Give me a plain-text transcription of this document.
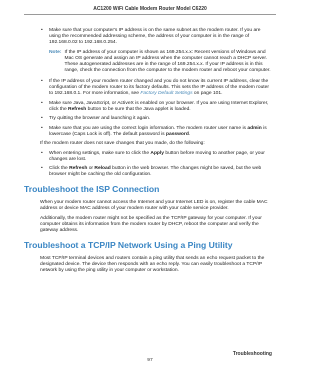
AC1200 WiFi Cable Modem Router Model C6220
• Make sure that your computer's IP address is on the same subnet as the modem router. If you are using the recommended addressing scheme, the address of your computer is in the range of 192.168.0.02 to 192.168.0.254.
Note: If the IP address of your computer is shown as 169.254.x.x: Recent versions of Windows and Mac OS generate and assign an IP address when the computer cannot reach a DHCP server. These autogenerated addresses are in the range of 169.254.x.x. If your IP address is in this range, check the connection from the computer to the modem router and reboot your computer.
• If the IP address of your modem router changed and you do not know its current IP address, clear the configuration of the modem router to its factory defaults. This sets the IP address of the modem router to 192.168.0.1. For more information, see Factory Default Settings on page 101.
• Make sure Java, JavaScript, or ActiveX is enabled on your browser. If you are using Internet Explorer, click the Refresh button to be sure that the Java applet is loaded.
• Try quitting the browser and launching it again.
• Make sure that you are using the correct login information. The modem router user name is admin is lowercase (Caps Lock is off). The default password is password.

If the modem router does not save changes that you made, do the following:

• When entering settings, make sure to click the Apply button before moving to another page, or your changes are lost.
• Click the Refresh or Reload button in the web browser. The changes might be saved, but the web browser might be caching the old configuration.
Troubleshoot the ISP Connection

When your modem router cannot access the Internet and your Internet LED is on, register the cable MAC address or device MAC address of your modem router with your cable service provider.

Additionally, the modem router might not be specified as the TCP/IP gateway for your computer. If your computer obtains its information from the modem router by DHCP, reboot the computer and verify the gateway address.

Troubleshoot a TCP/IP Network Using a Ping Utility

Most TCP/IP terminal devices and routers contain a ping utility that sends an echo request packet to the designated device. The device then responds with an echo reply. You can easily troubleshoot a TCP/IP network by using the ping utility in your computer or workstation.

Troubleshooting
97
